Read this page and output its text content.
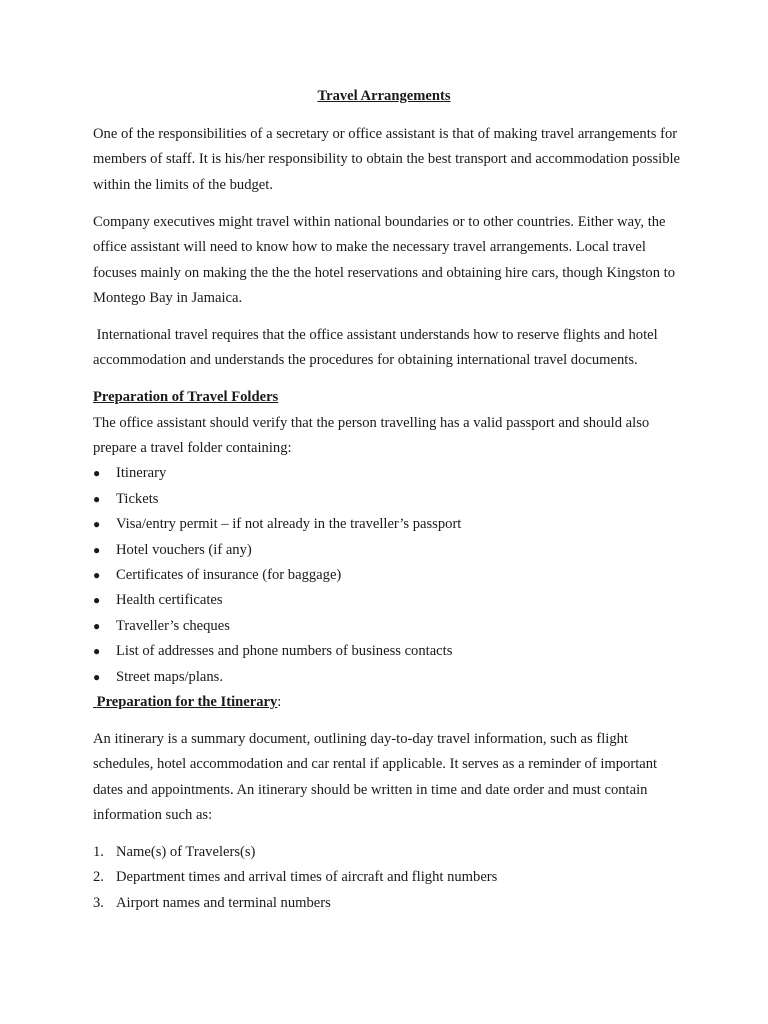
Travel Arrangements

One of the responsibilities of a secretary or office assistant is that of making travel arrangements for members of staff. It is his/her responsibility to obtain the best transport and accommodation possible within the limits of the budget.

Company executives might travel within national boundaries or to other countries. Either way, the office assistant will need to know how to make the necessary travel arrangements. Local travel focuses mainly on making the the the hotel reservations and obtaining hire cars, though Kingston to Montego Bay in Jamaica.

International travel requires that the office assistant understands how to reserve flights and hotel accommodation and understands the procedures for obtaining international travel documents.

Preparation of Travel Folders

The office assistant should verify that the person travelling has a valid passport and should also prepare a travel folder containing:

● Itinerary
● Tickets
● Visa/entry permit – if not already in the traveller’s passport
● Hotel vouchers (if any)
● Certificates of insurance (for baggage)
● Health certificates
● Traveller’s cheques
● List of addresses and phone numbers of business contacts
● Street maps/plans.

Preparation for the Itinerary:

An itinerary is a summary document, outlining day-to-day travel information, such as flight schedules, hotel accommodation and car rental if applicable. It serves as a reminder of important dates and appointments. An itinerary should be written in time and date order and must contain information such as:

1. Name(s) of Travelers(s)
2. Department times and arrival times of aircraft and flight numbers
3. Airport names and terminal numbers
